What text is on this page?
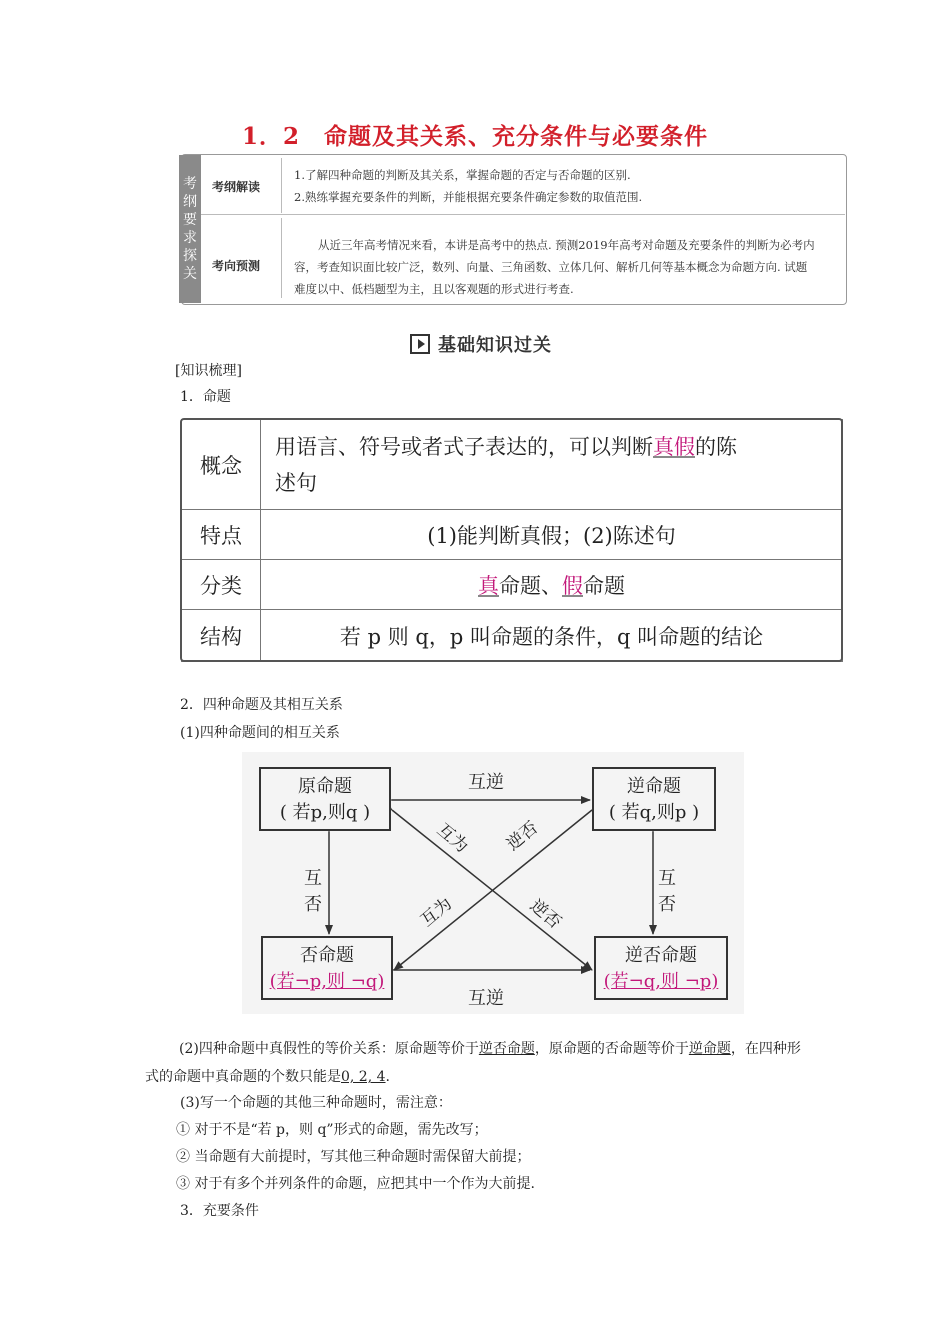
1．2　命题及其关系、充分条件与必要条件
考纲要求探关
考纲解读
1.了解四种命题的判断及其关系，掌握命题的否定与否命题的区别.
2.熟练掌握充要条件的判断，并能根据充要条件确定参数的取值范围.
考向预测
从近三年高考情况来看，本讲是高考中的热点. 预测2019年高考对命题及充要条件的判断为必考内
容，考查知识面比较广泛，数列、向量、三角函数、立体几何、解析几何等基本概念为命题方向. 试题
难度以中、低档题型为主，且以客观题的形式进行考查.
基础知识过关
[知识梳理]
1．命题
概念	用语言、符号或者式子表达的，可以判断真假的陈
述句
特点	(1)能判断真假；(2)陈述句
分类	真命题、假命题
结构	若 p 则 q，p 叫命题的条件，q 叫命题的结论
2．四种命题及其相互关系
(1)四种命题间的相互关系
原命题
( 若p,则q )
逆命题
( 若q,则p )
否命题
(若¬p,则 ¬q)
逆否命题
(若¬q,则 ¬p)
互逆
互逆
互否
互否
互为 逆否
互为	逆否
(2)四种命题中真假性的等价关系：原命题等价于逆否命题，原命题的否命题等价于逆命题，在四种形式的命题中真命题的个数只能是0, 2, 4.
(3)写一个命题的其他三种命题时，需注意：
① 对于不是“若 p，则 q”形式的命题，需先改写；
② 当命题有大前提时，写其他三种命题时需保留大前提；
③ 对于有多个并列条件的命题，应把其中一个作为大前提.
3．充要条件
